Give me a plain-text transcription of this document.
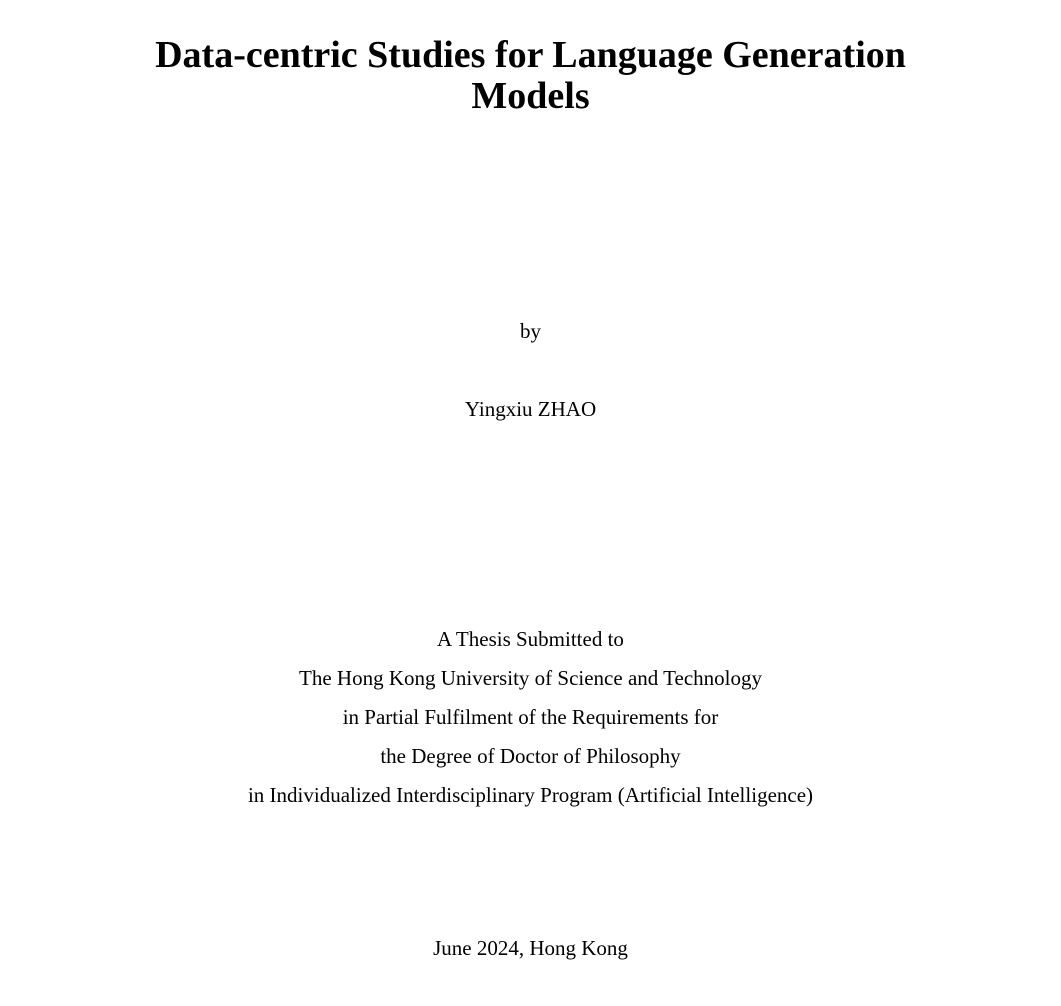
Data-centric Studies for Language Generation
Models
by
Yingxiu ZHAO
A Thesis Submitted to
The Hong Kong University of Science and Technology
in Partial Fulfilment of the Requirements for
the Degree of Doctor of Philosophy
in Individualized Interdisciplinary Program (Artificial Intelligence)
June 2024, Hong Kong
